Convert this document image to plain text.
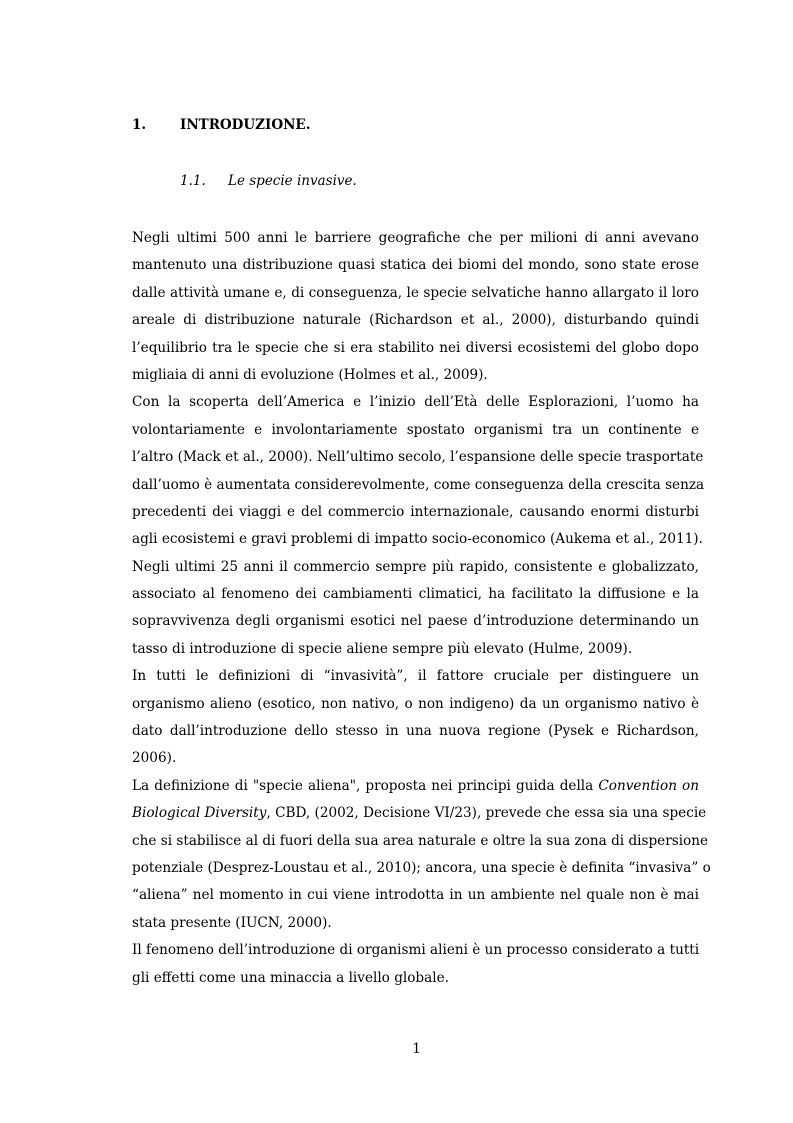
1.	INTRODUZIONE.
1.1. Le specie invasive.
Negli ultimi 500 anni le barriere geografiche che per milioni di anni avevano
mantenuto una distribuzione quasi statica dei biomi del mondo, sono state erose
dalle attività umane e, di conseguenza, le specie selvatiche hanno allargato il loro
areale di distribuzione naturale (Richardson et al., 2000), disturbando quindi
l’equilibrio tra le specie che si era stabilito nei diversi ecosistemi del globo dopo
migliaia di anni di evoluzione (Holmes et al., 2009).
Con la scoperta dell’America e l’inizio dell’Età delle Esplorazioni, l’uomo ha
volontariamente e involontariamente spostato organismi tra un continente e
l’altro (Mack et al., 2000). Nell’ultimo secolo, l’espansione delle specie trasportate
dall’uomo è aumentata considerevolmente, come conseguenza della crescita senza
precedenti dei viaggi e del commercio internazionale, causando enormi disturbi
agli ecosistemi e gravi problemi di impatto socio-economico (Aukema et al., 2011).
Negli ultimi 25 anni il commercio sempre più rapido, consistente e globalizzato,
associato al fenomeno dei cambiamenti climatici, ha facilitato la diffusione e la
sopravvivenza degli organismi esotici nel paese d’introduzione determinando un
tasso di introduzione di specie aliene sempre più elevato (Hulme, 2009).
In tutti le definizioni di “invasività”, il fattore cruciale per distinguere un
organismo alieno (esotico, non nativo, o non indigeno) da un organismo nativo è
dato dall’introduzione dello stesso in una nuova regione (Pysek e Richardson,
2006).
La definizione di "specie aliena", proposta nei principi guida della Convention on
Biological Diversity, CBD, (2002, Decisione VI/23), prevede che essa sia una specie
che si stabilisce al di fuori della sua area naturale e oltre la sua zona di dispersione
potenziale (Desprez-Loustau et al., 2010); ancora, una specie è definita “invasiva” o
“aliena” nel momento in cui viene introdotta in un ambiente nel quale non è mai
stata presente (IUCN, 2000).
Il fenomeno dell’introduzione di organismi alieni è un processo considerato a tutti
gli effetti come una minaccia a livello globale.
1
